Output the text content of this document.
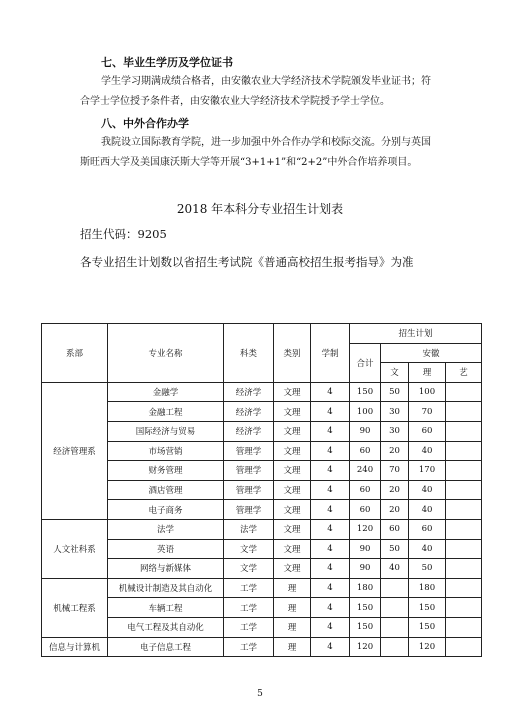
七、毕业生学历及学位证书
学生学习期满成绩合格者，由安徽农业大学经济技术学院颁发毕业证书；符
合学士学位授予条件者，由安徽农业大学经济技术学院授予学士学位。
八、中外合作办学
我院设立国际教育学院，进一步加强中外合作办学和校际交流。分别与英国
斯旺西大学及美国康沃斯大学等开展“3+1+1”和“2+2”中外合作培养项目。
2018 年本科分专业招生计划表
招生代码：9205
各专业招生计划数以省招生考试院《普通高校招生报考指导》为准
系部	专业名称	科类	类别	学制	招生计划			
					合计	安徽		
						文	理	艺
经济管理系	金融学	经济学	文理	4	150	50	100	
	金融工程	经济学	文理	4	100	30	70	
	国际经济与贸易	经济学	文理	4	90	30	60	
	市场营销	管理学	文理	4	60	20	40	
	财务管理	管理学	文理	4	240	70	170	
	酒店管理	管理学	文理	4	60	20	40	
	电子商务	管理学	文理	4	60	20	40	
人文社科系	法学	法学	文理	4	120	60	60	
	英语	文学	文理	4	90	50	40	
	网络与新媒体	文学	文理	4	90	40	50	
机械工程系	机械设计制造及其自动化	工学	理	4	180		180	
	车辆工程	工学	理	4	150		150	
	电气工程及其自动化	工学	理	4	150		150	
信息与计算机	电子信息工程	工学	理	4	120		120	
5
